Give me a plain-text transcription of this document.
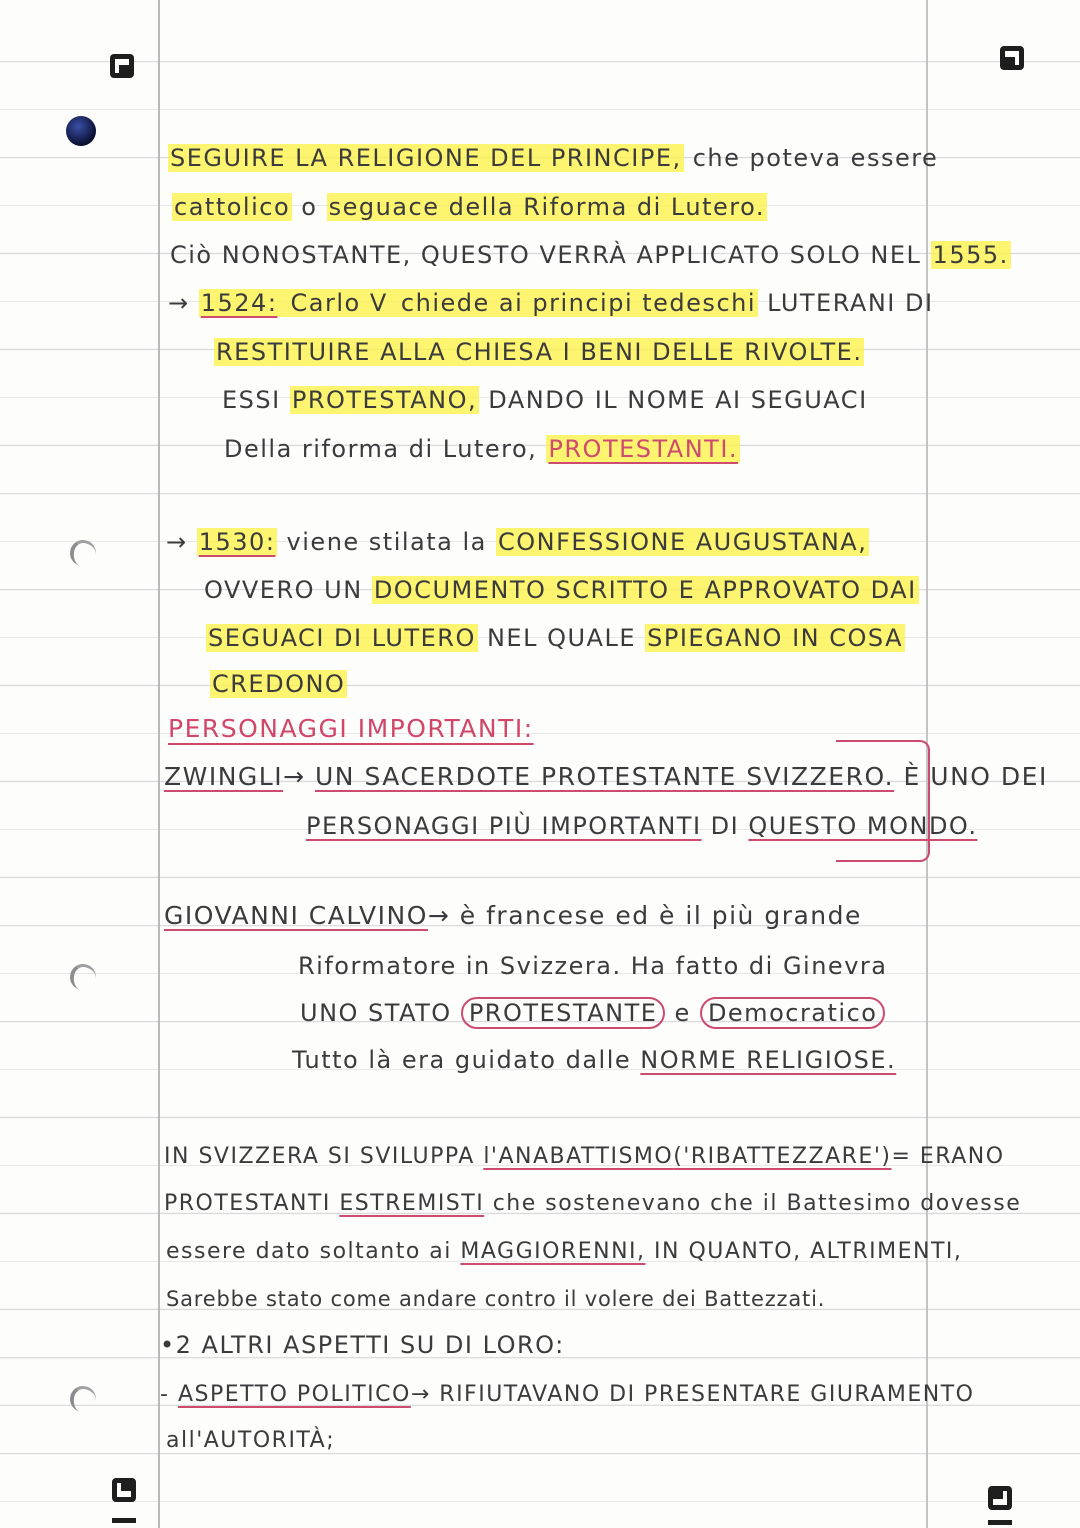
SEGUIRE LA RELIGIONE DEL PRINCIPE, che poteva essere
cattolico o seguace della Riforma di Lutero.
Ciò NONOSTANTE, QUESTO VERRÀ APPLICATO SOLO NEL 1555.
→ 1524: Carlo V chiede ai principi tedeschi LUTERANI DI
RESTITUIRE ALLA CHIESA I BENI DELLE RIVOLTE.
ESSI PROTESTANO, DANDO IL NOME AI SEGUACI
Della riforma di Lutero, PROTESTANTI.
→ 1530: viene stilata la CONFESSIONE AUGUSTANA,
OVVERO UN DOCUMENTO SCRITTO E APPROVATO DAI
SEGUACI DI LUTERO NEL QUALE SPIEGANO IN COSA
CREDONO
PERSONAGGI IMPORTANTI:
ZWINGLI→ UN SACERDOTE PROTESTANTE SVIZZERO. È UNO DEI
PERSONAGGI PIÙ IMPORTANTI DI QUESTO MONDO.
GIOVANNI CALVINO→ è francese ed è il più grande
Riformatore in Svizzera. Ha fatto di Ginevra
UNO STATO PROTESTANTE e Democratico
Tutto là era guidato dalle NORME RELIGIOSE.
IN SVIZZERA SI SVILUPPA l'ANABATTISMO('RIBATTEZZARE')= ERANO
PROTESTANTI ESTREMISTI che sostenevano che il Battesimo dovesse
essere dato soltanto ai MAGGIORENNI, IN QUANTO, ALTRIMENTI,
Sarebbe stato come andare contro il volere dei Battezzati.
•2 ALTRI ASPETTI SU DI LORO:
- ASPETTO POLITICO→ RIFIUTAVANO DI PRESENTARE GIURAMENTO
all'AUTORITÀ;
